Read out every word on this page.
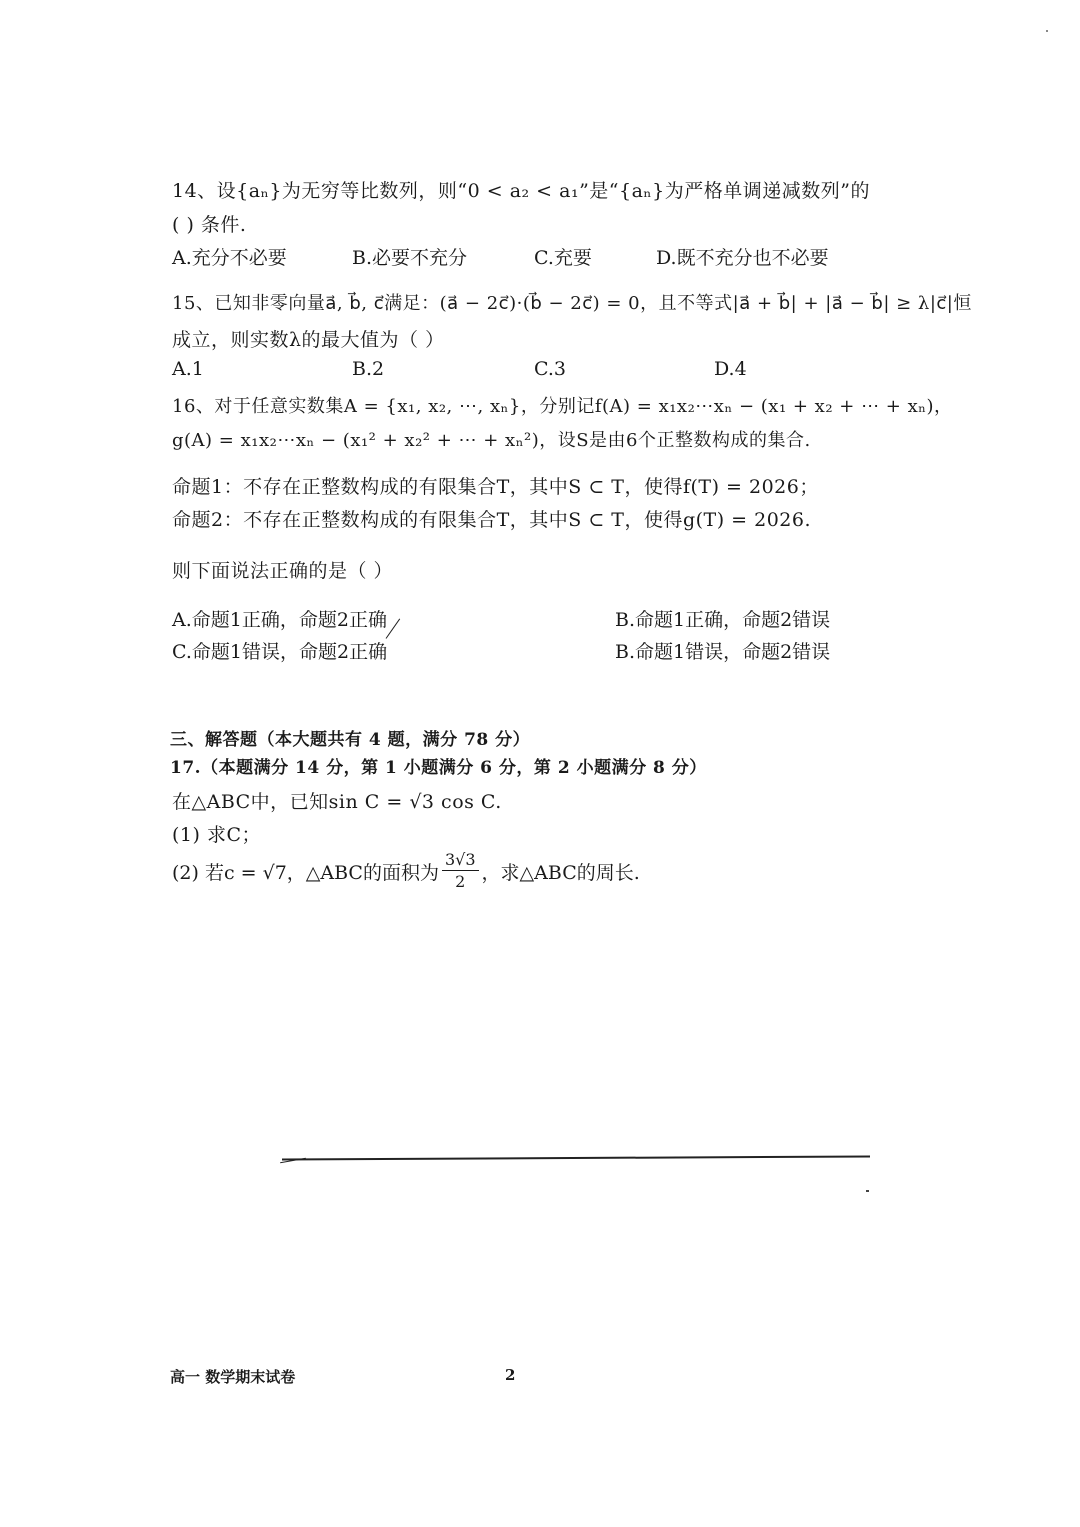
14、设{aₙ}为无穷等比数列，则“0 < a₂ < a₁”是“{aₙ}为严格单调递减数列”的
( ) 条件.
A.充分不必要	B.必要不充分	C.充要	D.既不充分也不必要
15、已知非零向量a⃗, b⃗, c⃗满足：(a⃗ − 2c⃗)·(b⃗ − 2c⃗) = 0，且不等式|a⃗ + b⃗| + |a⃗ − b⃗| ≥ λ|c⃗|恒
成立，则实数λ的最大值为（ ）
A.1	B.2	C.3	D.4
16、对于任意实数集A = {x₁, x₂, ⋯, xₙ}，分别记f(A) = x₁x₂⋯xₙ − (x₁ + x₂ + ⋯ + xₙ)，
g(A) = x₁x₂⋯xₙ − (x₁² + x₂² + ⋯ + xₙ²)，设S是由6个正整数构成的集合.
命题1：不存在正整数构成的有限集合T，其中S ⊂ T，使得f(T) = 2026；
命题2：不存在正整数构成的有限集合T，其中S ⊂ T，使得g(T) = 2026.
则下面说法正确的是（ ）
A.命题1正确，命题2正确	B.命题1正确，命题2错误
C.命题1错误，命题2正确	B.命题1错误，命题2错误
三、解答题（本大题共有 4 题，满分 78 分）
17.（本题满分 14 分，第 1 小题满分 6 分，第 2 小题满分 8 分）
在△ABC中，已知sin C = √3 cos C.
(1) 求C；
(2) 若c = √7，△ABC的面积为 $\frac{3√3}{2}$ ，求△ABC的周长.
高一 数学期末试卷	2
